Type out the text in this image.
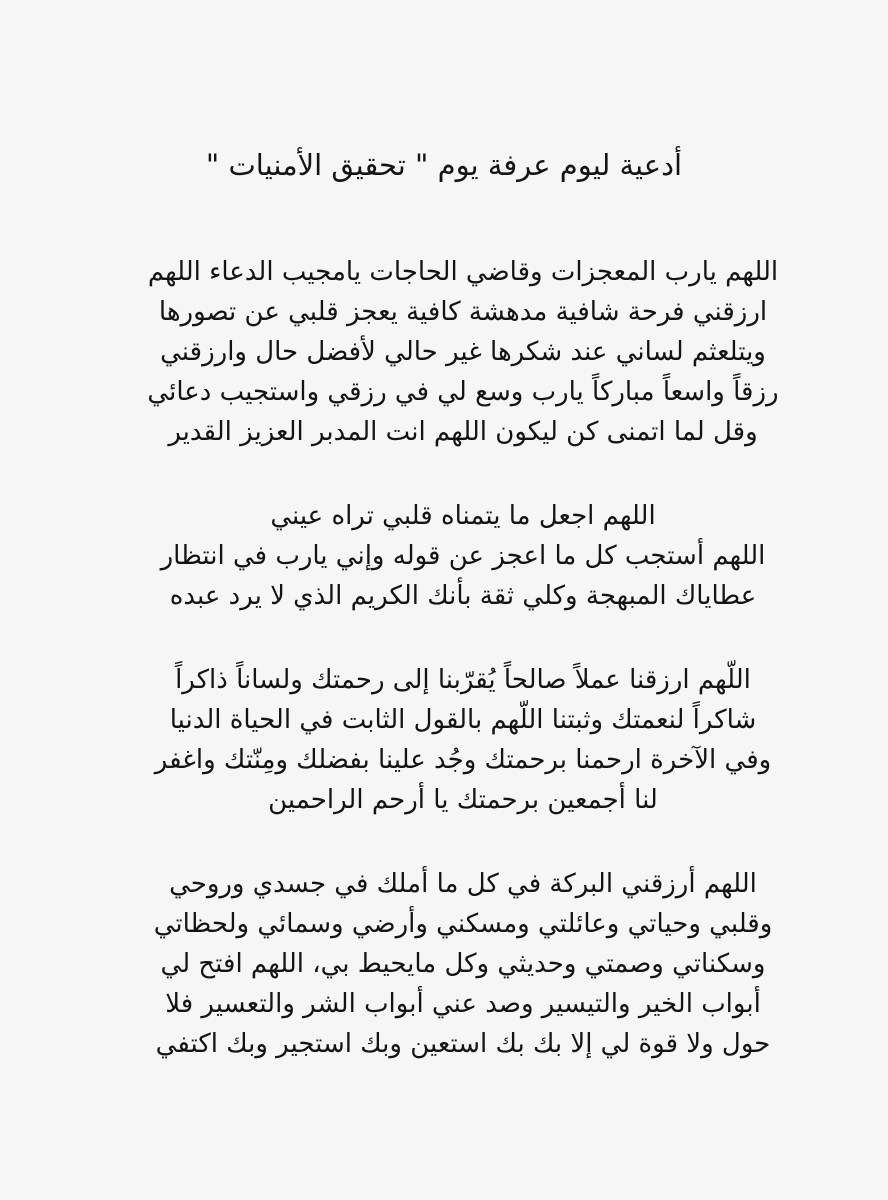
أدعية ليوم عرفة يوم " تحقيق الأمنيات "
اللهم يارب المعجزات وقاضي الحاجات يامجيب الدعاء اللهم
ارزقني فرحة شافية مدهشة كافية يعجز قلبي عن تصورها
ويتلعثم لساني عند شكرها غير حالي لأفضل حال وارزقني
رزقاً واسعاً مباركاً يارب وسع لي في رزقي واستجيب دعائي
وقل لما اتمنى كن ليكون اللهم انت المدبر العزيز القدير
اللهم اجعل ما يتمناه قلبي تراه عيني
اللهم أستجب كل ما اعجز عن قوله وإني يارب في انتظار
عطاياك المبهجة وكلي ثقة بأنك الكريم الذي لا يرد عبده
اللّهم ارزقنا عملاً صالحاً يُقرّبنا إلى رحمتك ولساناً ذاكراً
شاكراً لنعمتك وثبتنا اللّهم بالقول الثابت في الحياة الدنيا
وفي الآخرة ارحمنا برحمتك وجُد علينا بفضلك ومِنّتك واغفر
لنا أجمعين برحمتك يا أرحم الراحمين
اللهم أرزقني البركة في كل ما أملك في جسدي وروحي
وقلبي وحياتي وعائلتي ومسكني وأرضي وسمائي ولحظاتي
وسكناتي وصمتي وحديثي وكل مايحيط بي، اللهم افتح لي
أبواب الخير والتيسير وصد عني أبواب الشر والتعسير فلا
حول ولا قوة لي إلا بك بك استعين وبك استجير وبك اكتفي
